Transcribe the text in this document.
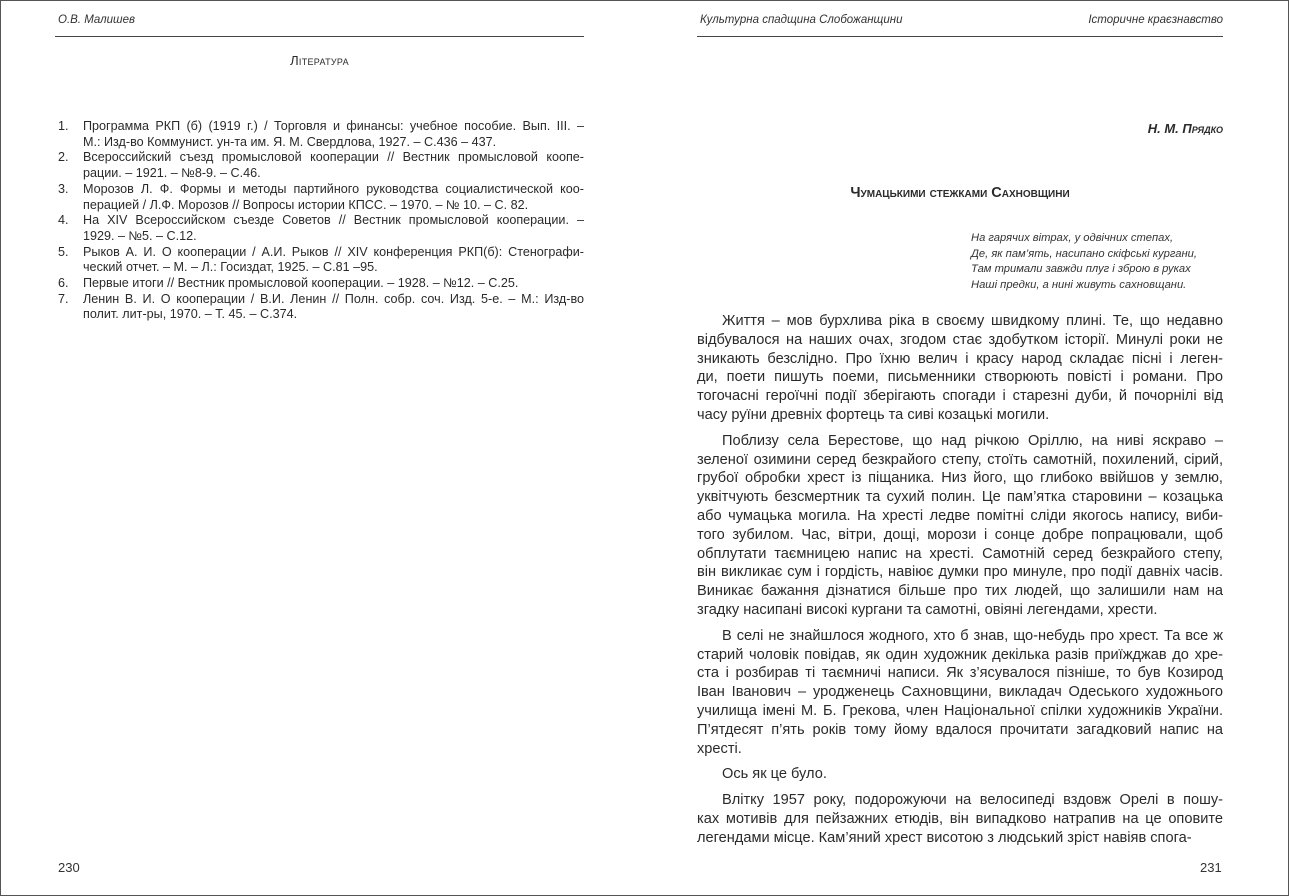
О.В. Малишев
Література
1. Программа РКП (б) (1919 г.) / Торговля и финансы: учебное пособие. Вып. III. –
М.: Изд-во Коммунист. ун-та им. Я. М. Свердлова, 1927. – С.436 – 437.
2. Всероссийский съезд промысловой кооперации // Вестник промысловой коопе-
рации. – 1921. – №8-9. – С.46.
3. Морозов Л. Ф. Формы и методы партийного руководства социалистической коо-
перацией / Л.Ф. Морозов // Вопросы истории КПСС. – 1970. – № 10. – С. 82.
4. На XIV Всероссийском съезде Советов // Вестник промысловой кооперации. –
1929. – №5. – С.12.
5. Рыков А. И. О кооперации / А.И. Рыков // XIV конференция РКП(б): Стенографи-
ческий отчет. – М. – Л.: Госиздат, 1925. – С.81 –95.
6. Первые итоги // Вестник промысловой кооперации. – 1928. – №12. – С.25.
7. Ленин В. И. О кооперации / В.И. Ленин // Полн. собр. соч. Изд. 5-е. – М.: Изд-во
полит. лит-ры, 1970. – Т. 45. – С.374.
230
Культурна спадщина Слобожанщини	Історичне краєзнавство
Н. М. Прядко
Чумацькими стежками Сахновщини
На гарячих вітрах, у одвічних степах,
Де, як пам’ять, насипано скіфські кургани,
Там тримали завжди плуг і зброю в руках
Наші предки, а нині живуть сахновщани.
Життя – мов бурхлива ріка в своєму швидкому плині. Те, що недавно
відбувалося на наших очах, згодом стає здобутком історії. Минулі роки не
зникають безслідно. Про їхню велич і красу народ складає пісні і леген-
ди, поети пишуть поеми, письменники створюють повісті і романи. Про
тогочасні героїчні події зберігають спогади і старезні дуби, й почорнілі від
часу руїни древніх фортець та сиві козацькі могили.
Поблизу села Берестове, що над річкою Оріллю, на ниві яскраво –
зеленої озимини серед безкрайого степу, стоїть самотній, похилений, сірий,
грубої обробки хрест із піщаника. Низ його, що глибоко ввійшов у землю,
уквітчують безсмертник та сухий полин. Це пам’ятка старовини – козацька
або чумацька могила. На хресті ледве помітні сліди якогось напису, виби-
того зубилом. Час, вітри, дощі, морози і сонце добре попрацювали, щоб
обплутати таємницею напис на хресті. Самотній серед безкрайого степу,
він викликає сум і гордість, навіює думки про минуле, про події давніх часів.
Виникає бажання дізнатися більше про тих людей, що залишили нам на
згадку насипані високі кургани та самотні, овіяні легендами, хрести.
В селі не знайшлося жодного, хто б знав, що-небудь про хрест. Та все ж
старий чоловік повідав, як один художник декілька разів приїжджав до хре-
ста і розбирав ті таємничі написи. Як з’ясувалося пізніше, то був Козирод
Іван Іванович – уродженець Сахновщини, викладач Одеського художнього
училища імені М. Б. Грекова, член Національної спілки художників України.
П’ятдесят п’ять років тому йому вдалося прочитати загадковий напис на
хресті.
Ось як це було.
Влітку 1957 року, подорожуючи на велосипеді вздовж Орелі в пошу-
ках мотивів для пейзажних етюдів, він випадково натрапив на це оповите
легендами місце. Кам’яний хрест висотою з людський зріст навіяв спога-
231
